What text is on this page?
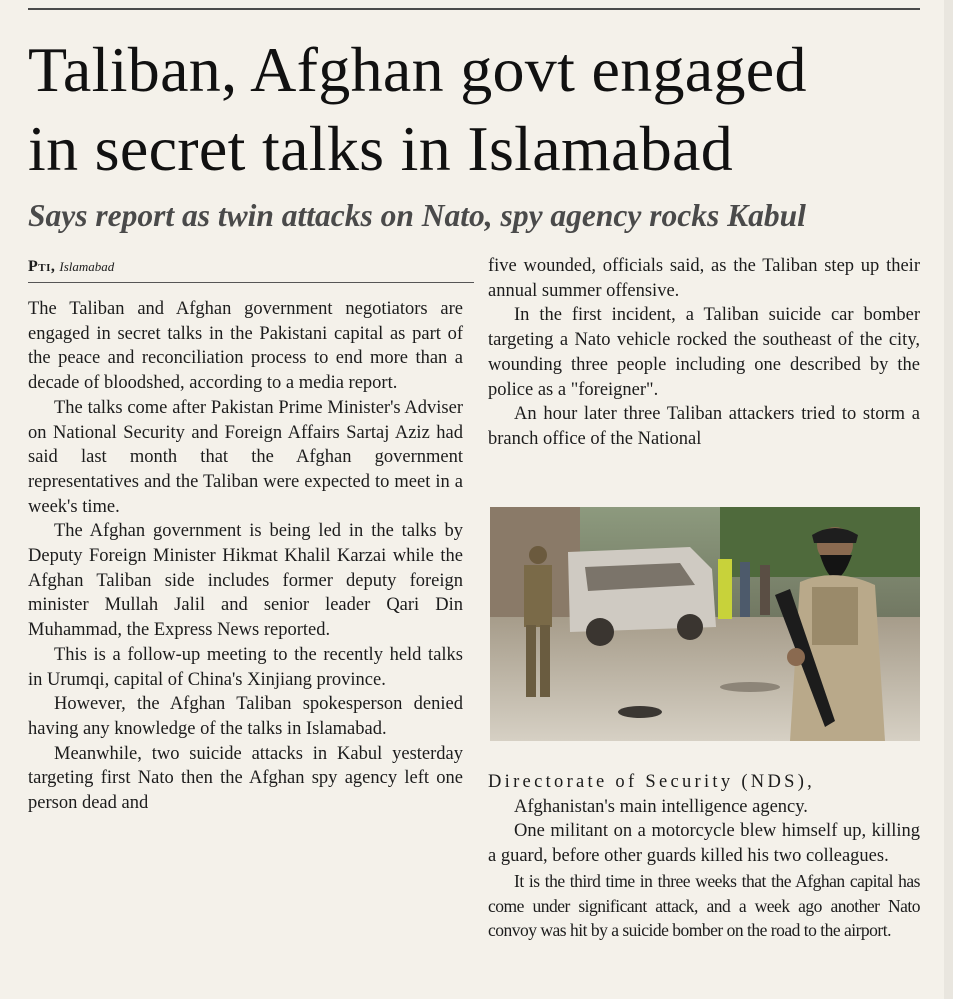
Taliban, Afghan govt engaged
in secret talks in Islamabad
Says report as twin attacks on Nato, spy agency rocks Kabul
Pti, Islamabad

The Taliban and Afghan government negotiators are engaged in secret talks in the Pakistani capital as part of the peace and reconciliation process to end more than a decade of bloodshed, according to a media report.

The talks come after Pakistan Prime Minister's Adviser on National Security and Foreign Affairs Sartaj Aziz had said last month that the Afghan government representatives and the Taliban were expected to meet in a week's time.

The Afghan government is being led in the talks by Deputy Foreign Minister Hikmat Khalil Karzai while the Afghan Taliban side includes former deputy foreign minister Mullah Jalil and senior leader Qari Din Muhammad, the Express News reported.

This is a follow-up meeting to the recently held talks in Urumqi, capital of China's Xinjiang province.

However, the Afghan Taliban spokesperson denied having any knowledge of the talks in Islamabad.

Meanwhile, two suicide attacks in Kabul yesterday targeting first Nato then the Afghan spy agency left one person dead and

five wounded, officials said, as the Taliban step up their annual summer offensive.

In the first incident, a Taliban suicide car bomber targeting a Nato vehicle rocked the southeast of the city, wounding three people including one described by the police as a "foreigner".

An hour later three Taliban attackers tried to storm a branch office of the National

Directorate of Security (NDS),

Afghanistan's main intelligence agency.

One militant on a motorcycle blew himself up, killing a guard, before other guards killed his two colleagues.

It is the third time in three weeks that the Afghan capital has come under significant attack, and a week ago another Nato convoy was hit by a suicide bomber on the road to the airport.
